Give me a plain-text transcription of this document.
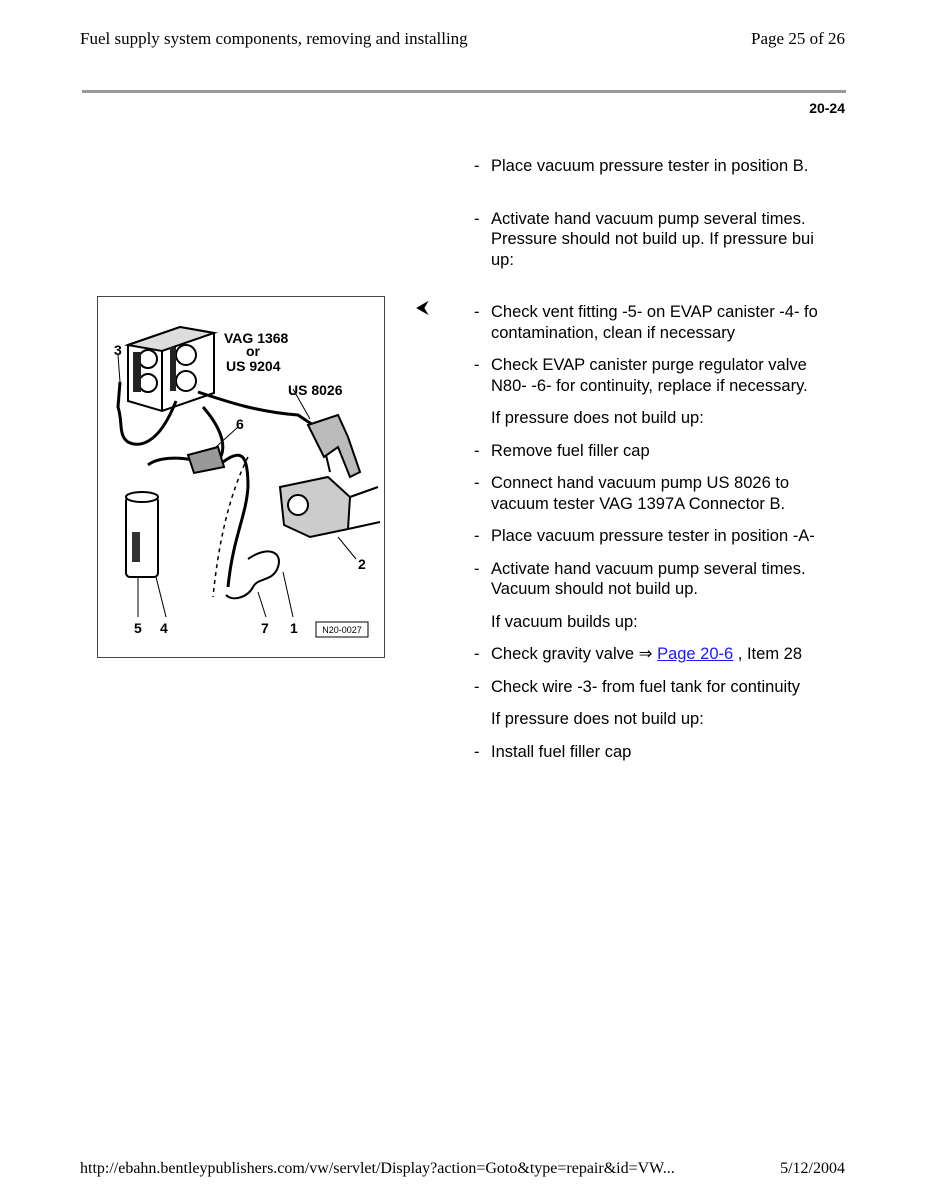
Fuel supply system components, removing and installing	Page 25 of 26
20-24
VAG 1368
or
US 9204
US 8026
3
6
2
5 4	7 1	N20-0027
⮜
- Place vacuum pressure tester in position B.
- Activate hand vacuum pump several times.
Pressure should not build up. If pressure bui
up:
- Check vent fitting -5- on EVAP canister -4- fo
contamination, clean if necessary
- Check EVAP canister purge regulator valve
N80- -6- for continuity, replace if necessary.
If pressure does not build up:
- Remove fuel filler cap
- Connect hand vacuum pump US 8026 to
vacuum tester VAG 1397A Connector B.
- Place vacuum pressure tester in position -A-
- Activate hand vacuum pump several times.
Vacuum should not build up.
If vacuum builds up:
- Check gravity valve ⇒ Page 20-6 , Item 28
- Check wire -3- from fuel tank for continuity
If pressure does not build up:
- Install fuel filler cap
http://ebahn.bentleypublishers.com/vw/servlet/Display?action=Goto&type=repair&id=VW...	5/12/2004
